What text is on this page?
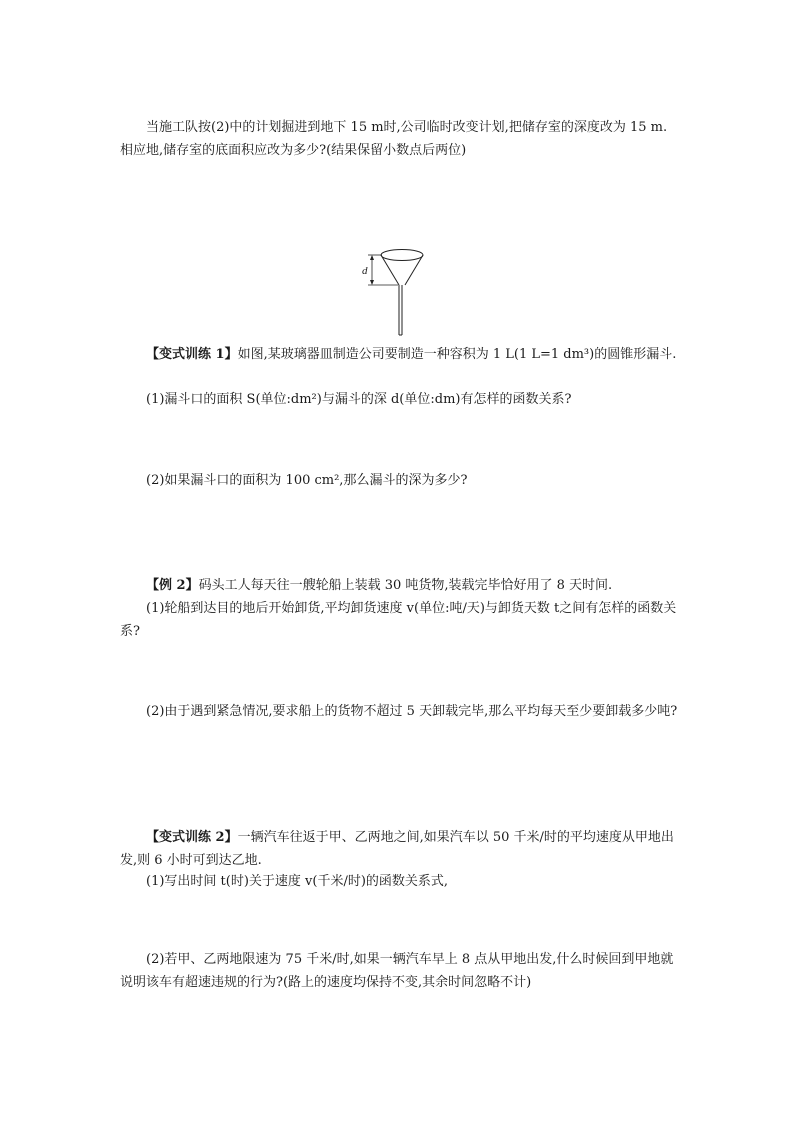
当施工队按(2)中的计划掘进到地下 15 m时,公司临时改变计划,把储存室的深度改为 15 m.相应地,储存室的底面积应改为多少?(结果保留小数点后两位)

d

【变式训练 1】如图,某玻璃器皿制造公司要制造一种容积为 1 L(1 L=1 dm³)的圆锥形漏斗.

(1)漏斗口的面积 S(单位:dm²)与漏斗的深 d(单位:dm)有怎样的函数关系?

(2)如果漏斗口的面积为 100 cm²,那么漏斗的深为多少?

【例 2】码头工人每天往一艘轮船上装载 30 吨货物,装载完毕恰好用了 8 天时间.

(1)轮船到达目的地后开始卸货,平均卸货速度 v(单位:吨/天)与卸货天数 t之间有怎样的函数关系?

(2)由于遇到紧急情况,要求船上的货物不超过 5 天卸载完毕,那么平均每天至少要卸载多少吨?

【变式训练 2】一辆汽车往返于甲、乙两地之间,如果汽车以 50 千米/时的平均速度从甲地出发,则 6 小时可到达乙地.

(1)写出时间 t(时)关于速度 v(千米/时)的函数关系式,

(2)若甲、乙两地限速为 75 千米/时,如果一辆汽车早上 8 点从甲地出发,什么时候回到甲地就说明该车有超速违规的行为?(路上的速度均保持不变,其余时间忽略不计)
